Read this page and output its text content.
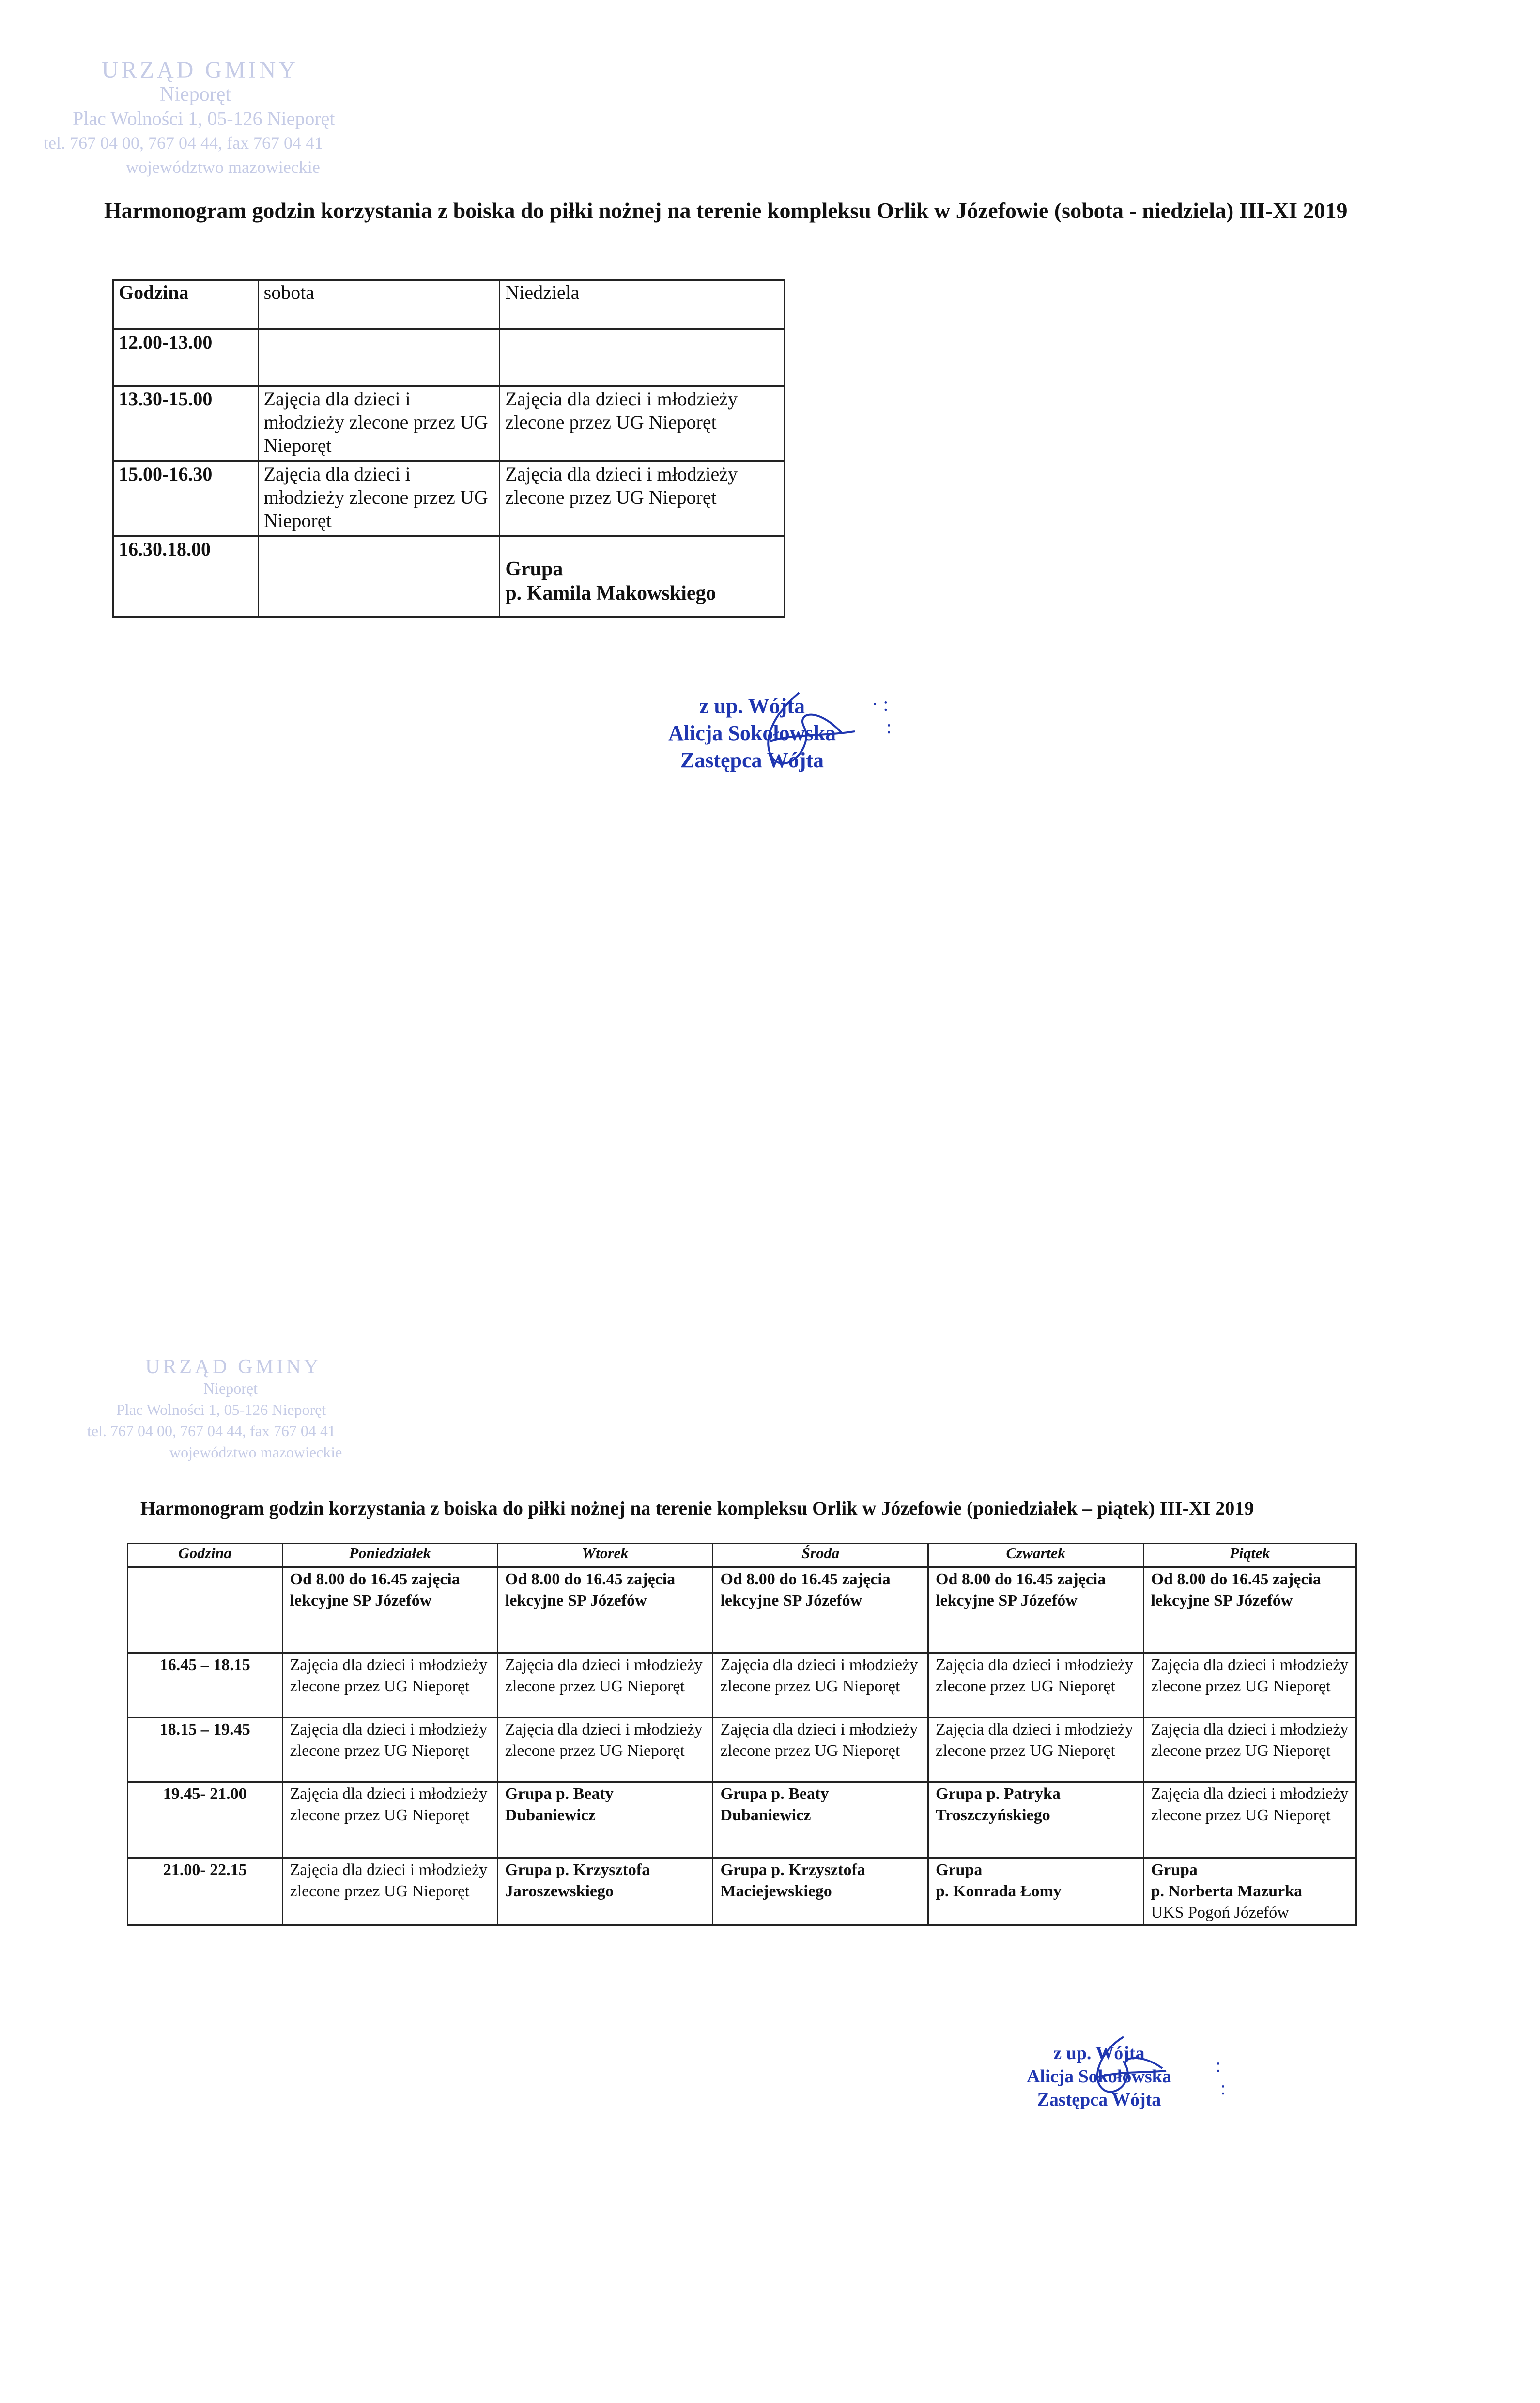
URZĄD GMINY
Nieporęt
Plac Wolności 1, 05-126 Nieporęt
tel. 767 04 00, 767 04 44, fax 767 04 41
województwo mazowieckie
Harmonogram godzin korzystania z boiska do piłki nożnej na terenie kompleksu Orlik w Józefowie (sobota - niedziela) III-XI 2019
Godzina	sobota	Niedziela
12.00-13.00		
13.30-15.00	Zajęcia dla dzieci i młodzieży zlecone przez UG Nieporęt	Zajęcia dla dzieci i młodzieży zlecone przez UG Nieporęt
15.00-16.30	Zajęcia dla dzieci i młodzieży zlecone przez UG Nieporęt	Zajęcia dla dzieci i młodzieży zlecone przez UG Nieporęt
16.30.18.00		Grupa
p. Kamila Makowskiego
z up. Wójta
Alicja Sokołowska
Zastępca Wójta
· :
:
URZĄD GMINY
Nieporęt
Plac Wolności 1, 05-126 Nieporęt
tel. 767 04 00, 767 04 44, fax 767 04 41
województwo mazowieckie
Harmonogram godzin korzystania z boiska do piłki nożnej na terenie kompleksu Orlik w Józefowie (poniedziałek – piątek) III-XI 2019
Godzina	Poniedziałek	Wtorek	Środa	Czwartek	Piątek
	Od 8.00 do 16.45 zajęcia lekcyjne SP Józefów	Od 8.00 do 16.45 zajęcia lekcyjne SP Józefów	Od 8.00 do 16.45 zajęcia lekcyjne SP Józefów	Od 8.00 do 16.45 zajęcia lekcyjne SP Józefów	Od 8.00 do 16.45 zajęcia lekcyjne SP Józefów
16.45 – 18.15	Zajęcia dla dzieci i młodzieży zlecone przez UG Nieporęt	Zajęcia dla dzieci i młodzieży zlecone przez UG Nieporęt	Zajęcia dla dzieci i młodzieży zlecone przez UG Nieporęt	Zajęcia dla dzieci i młodzieży zlecone przez UG Nieporęt	Zajęcia dla dzieci i młodzieży zlecone przez UG Nieporęt
18.15 – 19.45	Zajęcia dla dzieci i młodzieży zlecone przez UG Nieporęt	Zajęcia dla dzieci i młodzieży zlecone przez UG Nieporęt	Zajęcia dla dzieci i młodzieży zlecone przez UG Nieporęt	Zajęcia dla dzieci i młodzieży zlecone przez UG Nieporęt	Zajęcia dla dzieci i młodzieży zlecone przez UG Nieporęt
19.45- 21.00	Zajęcia dla dzieci i młodzieży zlecone przez UG Nieporęt	Grupa p. Beaty Dubaniewicz	Grupa p. Beaty Dubaniewicz	Grupa p. Patryka Troszczyńskiego	Zajęcia dla dzieci i młodzieży zlecone przez UG Nieporęt
21.00- 22.15	Zajęcia dla dzieci i młodzieży zlecone przez UG Nieporęt	Grupa p. Krzysztofa Jaroszewskiego	Grupa p. Krzysztofa Maciejewskiego	Grupa
p. Konrada Łomy	Grupa
p. Norberta Mazurka
UKS Pogoń Józefów
z up. Wójta
Alicja Sokołowska
Zastępca Wójta
:
:
